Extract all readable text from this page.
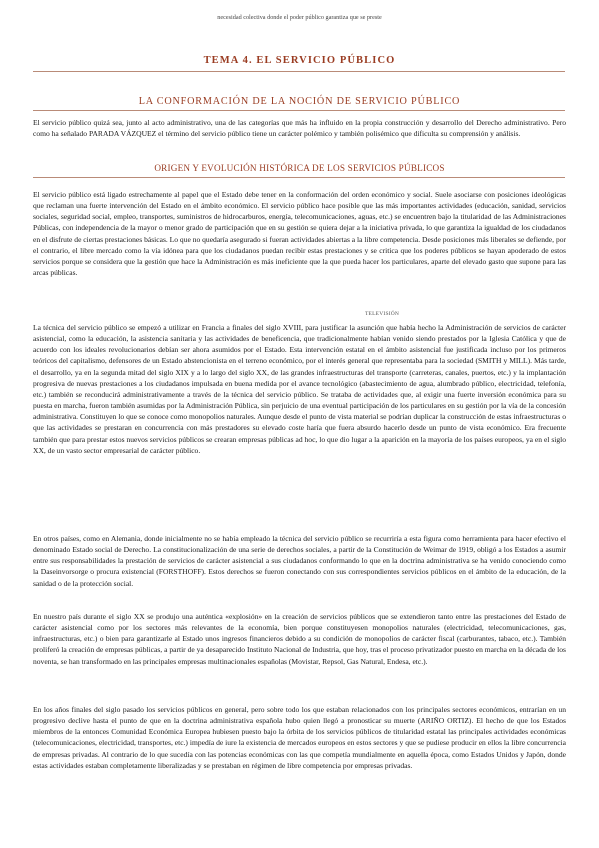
necesidad colectiva donde el poder público garantiza que se preste
TEMA 4. EL SERVICIO PÚBLICO
LA CONFORMACIÓN DE LA NOCIÓN DE SERVICIO PÚBLICO

El servicio público quizá sea, junto al acto administrativo, una de las categorías que más ha influido en la propia construcción y desarrollo del Derecho administrativo. Pero como ha señalado PARADA VÁZQUEZ el término del servicio público tiene un carácter polémico y también polisémico que dificulta su comprensión y análisis.

ORIGEN Y EVOLUCIÓN HISTÓRICA DE LOS SERVICIOS PÚBLICOS

El servicio público está ligado estrechamente al papel que el Estado debe tener en la conformación del orden económico y social. Suele asociarse con posiciones ideológicas que reclaman una fuerte intervención del Estado en el ámbito económico. El servicio público hace posible que las más importantes actividades (educación, sanidad, servicios sociales, seguridad social, empleo, transportes, suministros de hidrocarburos, energía, telecomunicaciones, aguas, etc.) se encuentren bajo la titularidad de las Administraciones Públicas, con independencia de la mayor o menor grado de participación que en su gestión se quiera dejar a la iniciativa privada, lo que garantiza la igualdad de los ciudadanos en el disfrute de ciertas prestaciones básicas. Lo que no quedaría asegurado si fueran actividades abiertas a la libre competencia. Desde posiciones más liberales se defiende, por el contrario, el libre mercado como la vía idónea para que los ciudadanos puedan recibir estas prestaciones y se critica que los poderes públicos se hayan apoderado de estos servicios porque se considera que la gestión que hace la Administración es más ineficiente que la que pueda hacer los particulares, aparte del elevado gasto que supone para las arcas públicas.

TELEVISIÓN

La técnica del servicio público se empezó a utilizar en Francia a finales del siglo XVIII, para justificar la asunción que había hecho la Administración de servicios de carácter asistencial, como la educación, la asistencia sanitaria y las actividades de beneficencia, que tradicionalmente habían venido siendo prestados por la Iglesia Católica y que de acuerdo con los ideales revolucionarios debían ser ahora asumidos por el Estado. Esta intervención estatal en el ámbito asistencial fue justificada incluso por los primeros teóricos del capitalismo, defensores de un Estado abstencionista en el terreno económico, por el interés general que representaba para la sociedad (SMITH y MILL). Más tarde, el desarrollo, ya en la segunda mitad del siglo XIX y a lo largo del siglo XX, de las grandes infraestructuras del transporte (carreteras, canales, puertos, etc.) y la implantación progresiva de nuevas prestaciones a los ciudadanos impulsada en buena medida por el avance tecnológico (abastecimiento de agua, alumbrado público, electricidad, telefonía, etc.) también se reconducirá administrativamente a través de la técnica del servicio público. Se trataba de actividades que, al exigir una fuerte inversión económica para su puesta en marcha, fueron también asumidas por la Administración Pública, sin perjuicio de una eventual participación de los particulares en su gestión por la vía de la concesión administrativa. Constituyen lo que se conoce como monopolios naturales. Aunque desde el punto de vista material se podrían duplicar la construcción de estas infraestructuras o que las actividades se prestaran en concurrencia con más prestadores su elevado coste haría que fuera absurdo hacerlo desde un punto de vista económico. Era frecuente también que para prestar estos nuevos servicios públicos se crearan empresas públicas ad hoc, lo que dio lugar a la aparición en la mayoría de los países europeos, ya en el siglo XX, de un vasto sector empresarial de carácter público.

En otros países, como en Alemania, donde inicialmente no se había empleado la técnica del servicio público se recurriría a esta figura como herramienta para hacer efectivo el denominado Estado social de Derecho. La constitucionalización de una serie de derechos sociales, a partir de la Constitución de Weimar de 1919, obligó a los Estados a asumir entre sus responsabilidades la prestación de servicios de carácter asistencial a sus ciudadanos conformando lo que en la doctrina administrativa se ha venido conociendo como la Daseinvorsorge o procura existencial (FORSTHOFF). Estos derechos se fueron conectando con sus correspondientes servicios públicos en el ámbito de la educación, de la sanidad o de la protección social.

En nuestro país durante el siglo XX se produjo una auténtica «explosión» en la creación de servicios públicos que se extendieron tanto entre las prestaciones del Estado de carácter asistencial como por los sectores más relevantes de la economía, bien porque constituyesen monopolios naturales (electricidad, telecomunicaciones, gas, infraestructuras, etc.) o bien para garantizarle al Estado unos ingresos financieros debido a su condición de monopolios de carácter fiscal (carburantes, tabaco, etc.). También proliferó la creación de empresas públicas, a partir de ya desaparecido Instituto Nacional de Industria, que hoy, tras el proceso privatizador puesto en marcha en la década de los noventa, se han transformado en las principales empresas multinacionales españolas (Movistar, Repsol, Gas Natural, Endesa, etc.).

En los años finales del siglo pasado los servicios públicos en general, pero sobre todo los que estaban relacionados con los principales sectores económicos, entrarían en un progresivo declive hasta el punto de que en la doctrina administrativa española hubo quien llegó a pronosticar su muerte (ARIÑO ORTIZ). El hecho de que los Estados miembros de la entonces Comunidad Económica Europea hubiesen puesto bajo la órbita de los servicios públicos de titularidad estatal las principales actividades económicas (telecomunicaciones, electricidad, transportes, etc.) impedía de iure la existencia de mercados europeos en estos sectores y que se pudiese producir en ellos la libre concurrencia de empresas privadas. Al contrario de lo que sucedía con las potencias económicas con las que competía mundialmente en aquella época, como Estados Unidos y Japón, donde estas actividades estaban completamente liberalizadas y se prestaban en régimen de libre competencia por empresas privadas.
